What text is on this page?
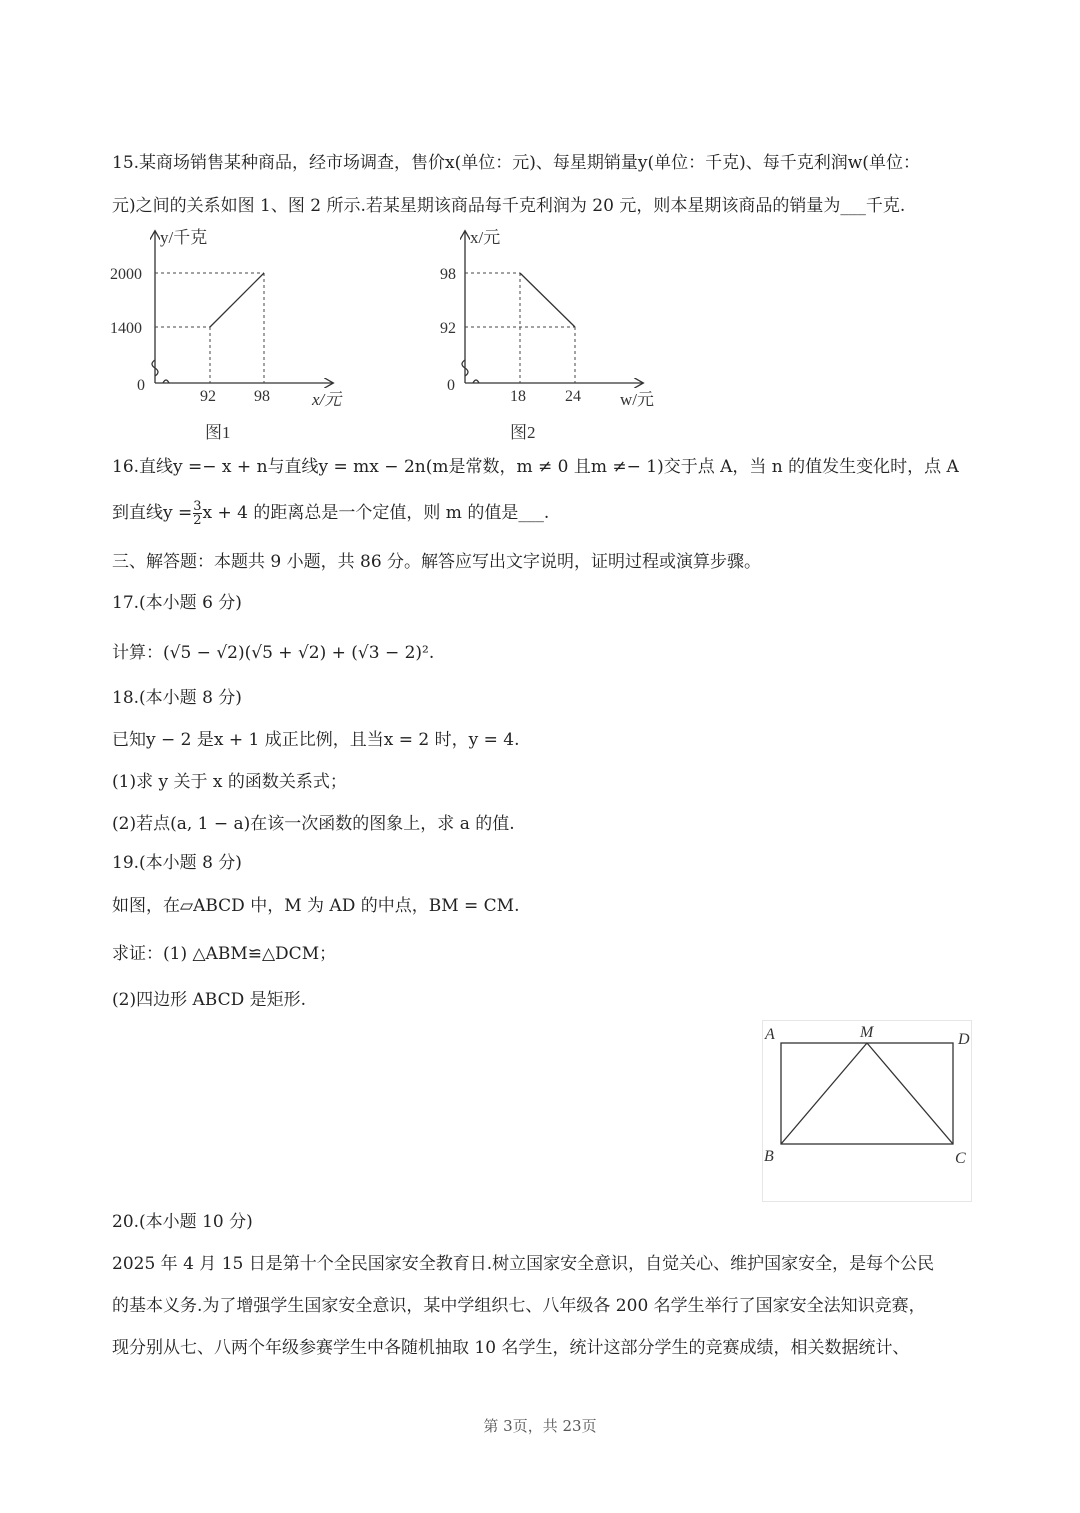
15.某商场销售某种商品，经市场调查，售价x(单位：元)、每星期销量y(单位：千克)、每千克利润w(单位：
元)之间的关系如图 1、图 2 所示.若某星期该商品每千克利润为 20 元，则本星期该商品的销量为___千克.
y/千克
x/元
0
2000
1400
92 98
图1
x/元
w/元
0
98
92
18 24
图2
16.直线y =− x + n与直线y = mx − 2n(m是常数，m ≠ 0 且m ≠− 1)交于点 A，当 n 的值发生变化时，点 A
到直线$y = \frac{3}{2}$ x + 4 的距离总是一个定值，则 m 的值是___.
三、解答题：本题共 9 小题，共 86 分。解答应写出文字说明，证明过程或演算步骤。
17.(本小题 6 分)
计算：(√5 − √2)(√5 + √2) + (√3 − 2)².
18.(本小题 8 分)
已知y − 2 是x + 1 成正比例，且当x = 2 时，y = 4.
(1)求 y 关于 x 的函数关系式；
(2)若点(a, 1 − a)在该一次函数的图象上，求 a 的值.
19.(本小题 8 分)
如图，在▱ABCD 中，M 为 AD 的中点，BM = CM.
求证：(1) △ABM≌△DCM；
(2)四边形 ABCD 是矩形.
A	M	D
B	C
20.(本小题 10 分)
2025 年 4 月 15 日是第十个全民国家安全教育日.树立国家安全意识，自觉关心、维护国家安全，是每个公民
的基本义务.为了增强学生国家安全意识，某中学组织七、八年级各 200 名学生举行了国家安全法知识竞赛，
现分别从七、八两个年级参赛学生中各随机抽取 10 名学生，统计这部分学生的竞赛成绩，相关数据统计、
第 3页，共 23页
